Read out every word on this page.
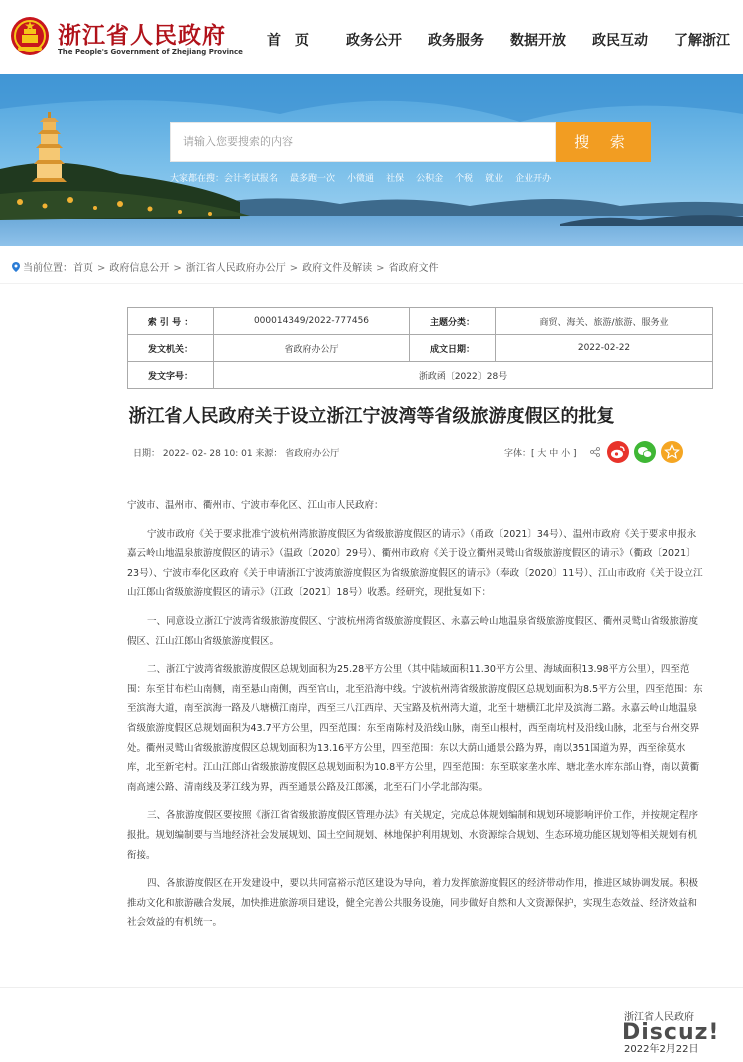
浙江省人民政府
The People's Government of Zhejiang Province
首　页	政务公开 政务服务 数据开放 政民互动 了解浙江
请输入您要搜索的内容	搜 索
大家都在搜：会计考试报名 最多跑一次 小微通 社保 公积金 个税 就业 企业开办
当前位置：首页 > 政府信息公开 > 浙江省人民政府办公厅 > 政府文件及解读 > 省政府文件
索 引 号 ：	000014349/2022-777456	主题分类：	商贸、海关、旅游/旅游、服务业
发文机关：	省政府办公厅	成文日期：	2022-02-22
发文字号：	浙政函〔2022〕28号		
浙江省人民政府关于设立浙江宁波湾等省级旅游度假区的批复
日期： 2022- 02- 28 10: 01 来源： 省政府办公厅	字体：[ 大 中 小 ]

宁波市、温州市、衢州市、宁波市奉化区、江山市人民政府：

宁波市政府《关于要求批准宁波杭州湾旅游度假区为省级旅游度假区的请示》（甬政〔2021〕34号）、温州市政府《关于要求申报永嘉云岭山地温泉旅游度假区的请示》（温政〔2020〕29号）、衢州市政府《关于设立衢州灵鹫山省级旅游度假区的请示》（衢政〔2021〕23号）、宁波市奉化区政府《关于申请浙江宁波湾旅游度假区为省级旅游度假区的请示》（奉政〔2020〕11号）、江山市政府《关于设立江山江郎山省级旅游度假区的请示》（江政〔2021〕18号）收悉。经研究，现批复如下：

一、同意设立浙江宁波湾省级旅游度假区、宁波杭州湾省级旅游度假区、永嘉云岭山地温泉省级旅游度假区、衢州灵鹫山省级旅游度假区、江山江郎山省级旅游度假区。

二、浙江宁波湾省级旅游度假区总规划面积为25.28平方公里（其中陆域面积11.30平方公里、海域面积13.98平方公里），四至范围：东至甘布栏山南侧，南至悬山南侧，西至官山，北至沿海中线。宁波杭州湾省级旅游度假区总规划面积为8.5平方公里，四至范围：东至滨海大道，南至滨海一路及八塘横江南岸，西至三八江西岸、天宝路及杭州湾大道，北至十塘横江北岸及滨海二路。永嘉云岭山地温泉省级旅游度假区总规划面积为43.7平方公里，四至范围：东至南陈村及沿线山脉，南至山根村，西至南坑村及沿线山脉，北至与台州交界处。衢州灵鹫山省级旅游度假区总规划面积为13.16平方公里，四至范围：东以大荫山通景公路为界，南以351国道为界，西至徐莫水库，北至新宅村。江山江郎山省级旅游度假区总规划面积为10.8平方公里，四至范围：东至联家垄水库、塘北垄水库东部山脊，南以黄衢南高速公路、清南线及茅江线为界，西至通景公路及江郎溪，北至石门小学北部沟渠。

三、各旅游度假区要按照《浙江省省级旅游度假区管理办法》有关规定，完成总体规划编制和规划环境影响评价工作，并按规定程序报批。规划编制要与当地经济社会发展规划、国土空间规划、林地保护利用规划、水资源综合规划、生态环境功能区规划等相关规划有机衔接。

四、各旅游度假区在开发建设中，要以共同富裕示范区建设为导向，着力发挥旅游度假区的经济带动作用，推进区域协调发展。积极推动文化和旅游融合发展，加快推进旅游项目建设，健全完善公共服务设施，同步做好自然和人文资源保护，实现生态效益、经济效益和社会效益的有机统一。

浙江省人民政府
2022年2月22日
Discuz!
